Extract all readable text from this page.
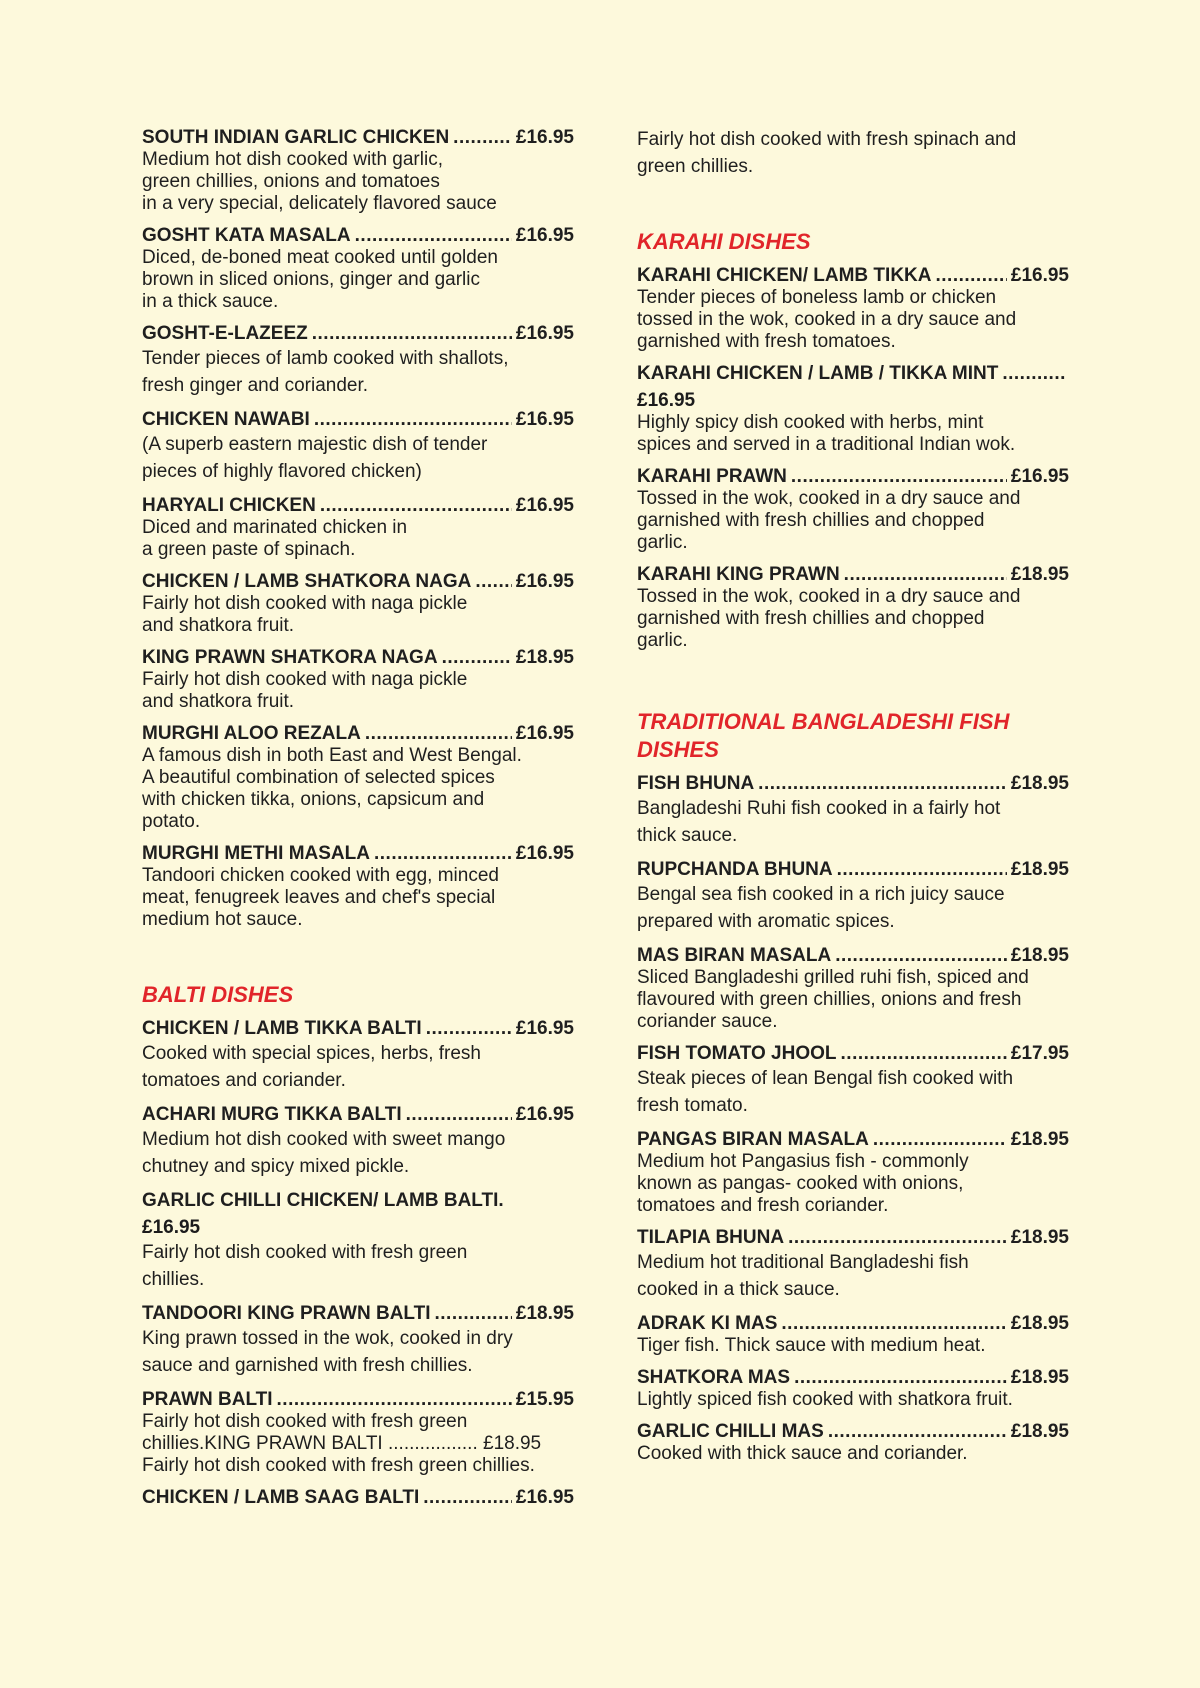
SOUTH INDIAN GARLIC CHICKEN .....	£16.95
Medium hot dish cooked with garlic,
green chillies, onions and tomatoes
in a very special, delicately flavored sauce
GOSHT KATA MASALA .....	£16.95
Diced, de-boned meat cooked until golden
brown in sliced onions, ginger and garlic
in a thick sauce.
GOSHT-E-LAZEEZ .....	£16.95
Tender pieces of lamb cooked with shallots,
fresh ginger and coriander.
CHICKEN NAWABI .....	£16.95
(A superb eastern majestic dish of tender
pieces of highly flavored chicken)
HARYALI CHICKEN .....	£16.95
Diced and marinated chicken in
a green paste of spinach.
CHICKEN / LAMB SHATKORA NAGA ..... £16.95
Fairly hot dish cooked with naga pickle
and shatkora fruit.
KING PRAWN SHATKORA NAGA .....	£18.95
Fairly hot dish cooked with naga pickle
and shatkora fruit.
MURGHI ALOO REZALA .....	£16.95
A famous dish in both East and West Bengal.
A beautiful combination of selected spices
with chicken tikka, onions, capsicum and
potato.
MURGHI METHI MASALA .....	£16.95
Tandoori chicken cooked with egg, minced
meat, fenugreek leaves and chef's special
medium hot sauce.
BALTI DISHES
CHICKEN / LAMB TIKKA BALTI .....	£16.95
Cooked with special spices, herbs, fresh
tomatoes and coriander.
ACHARI MURG TIKKA BALTI .....	£16.95
Medium hot dish cooked with sweet mango
chutney and spicy mixed pickle.
GARLIC CHILLI CHICKEN/ LAMB BALTI.
£16.95
Fairly hot dish cooked with fresh green
chillies.
TANDOORI KING PRAWN BALTI .....	£18.95
King prawn tossed in the wok, cooked in dry
sauce and garnished with fresh chillies.
PRAWN BALTI .....	£15.95
Fairly hot dish cooked with fresh green
chillies.KING PRAWN BALTI ................. £18.95
Fairly hot dish cooked with fresh green chillies.
CHICKEN / LAMB SAAG BALTI .....	£16.95
Fairly hot dish cooked with fresh spinach and
green chillies.
KARAHI DISHES
KARAHI CHICKEN/ LAMB TIKKA .....	£16.95
Tender pieces of boneless lamb or chicken
tossed in the wok, cooked in a dry sauce and
garnished with fresh tomatoes.
KARAHI CHICKEN / LAMB / TIKKA MINT
.....
£16.95
Highly spicy dish cooked with herbs, mint
spices and served in a traditional Indian wok.
KARAHI PRAWN .....	£16.95
Tossed in the wok, cooked in a dry sauce and
garnished with fresh chillies and chopped
garlic.
KARAHI KING PRAWN .....	£18.95
Tossed in the wok, cooked in a dry sauce and
garnished with fresh chillies and chopped
garlic.
TRADITIONAL BANGLADESHI FISH DISHES
FISH BHUNA .....	£18.95
Bangladeshi Ruhi fish cooked in a fairly hot
thick sauce.
RUPCHANDA BHUNA .....	£18.95
Bengal sea fish cooked in a rich juicy sauce
prepared with aromatic spices.
MAS BIRAN MASALA .....	£18.95
Sliced Bangladeshi grilled ruhi fish, spiced and
flavoured with green chillies, onions and fresh
coriander sauce.
FISH TOMATO JHOOL .....	£17.95
Steak pieces of lean Bengal fish cooked with
fresh tomato.
PANGAS BIRAN MASALA .....	£18.95
Medium hot Pangasius fish - commonly
known as pangas- cooked with onions,
tomatoes and fresh coriander.
TILAPIA BHUNA .....	£18.95
Medium hot traditional Bangladeshi fish
cooked in a thick sauce.
ADRAK KI MAS .....	£18.95
Tiger fish. Thick sauce with medium heat.
SHATKORA MAS .....	£18.95
Lightly spiced fish cooked with shatkora fruit.
GARLIC CHILLI MAS .....	£18.95
Cooked with thick sauce and coriander.
